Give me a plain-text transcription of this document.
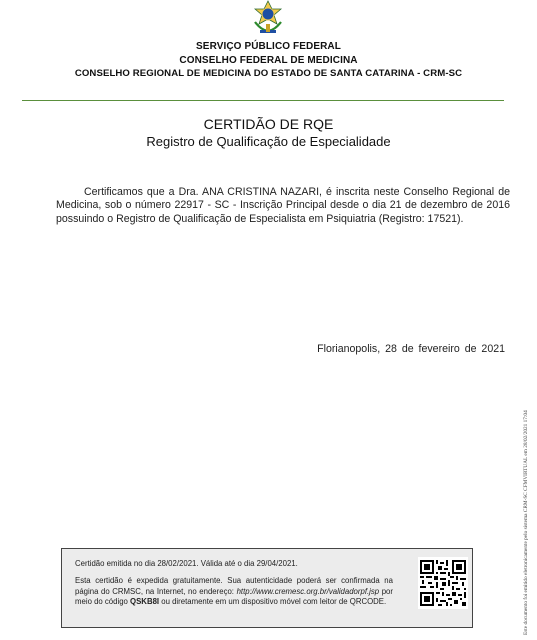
SERVIÇO PÚBLICO FEDERAL
CONSELHO FEDERAL DE MEDICINA
CONSELHO REGIONAL DE MEDICINA DO ESTADO DE SANTA CATARINA - CRM-SC
CERTIDÃO DE RQE
Registro de Qualificação de Especialidade
Certificamos que a Dra. ANA CRISTINA NAZARI, é inscrita neste Conselho Regional de Medicina, sob o número 22917 - SC - Inscrição Principal desde o dia 21 de dezembro de 2016 possuindo o Registro de Qualificação de Especialista em Psiquiatria (Registro: 17521).
Florianopolis, 28 de fevereiro de 2021
Este documento foi emitido eletronicamente pelo sistema CRM-SC CFMVIRTUAL em 28/02/2021 17:04
Certidão emitida no dia 28/02/2021. Válida até o dia 29/04/2021.
Esta certidão é expedida gratuitamente. Sua autenticidade poderá ser confirmada na página do CRMSC, na Internet, no endereço: http://www.cremesc.org.br/validadorpf.jsp por meio do código QSKB8I ou diretamente em um dispositivo móvel com leitor de QRCODE.
